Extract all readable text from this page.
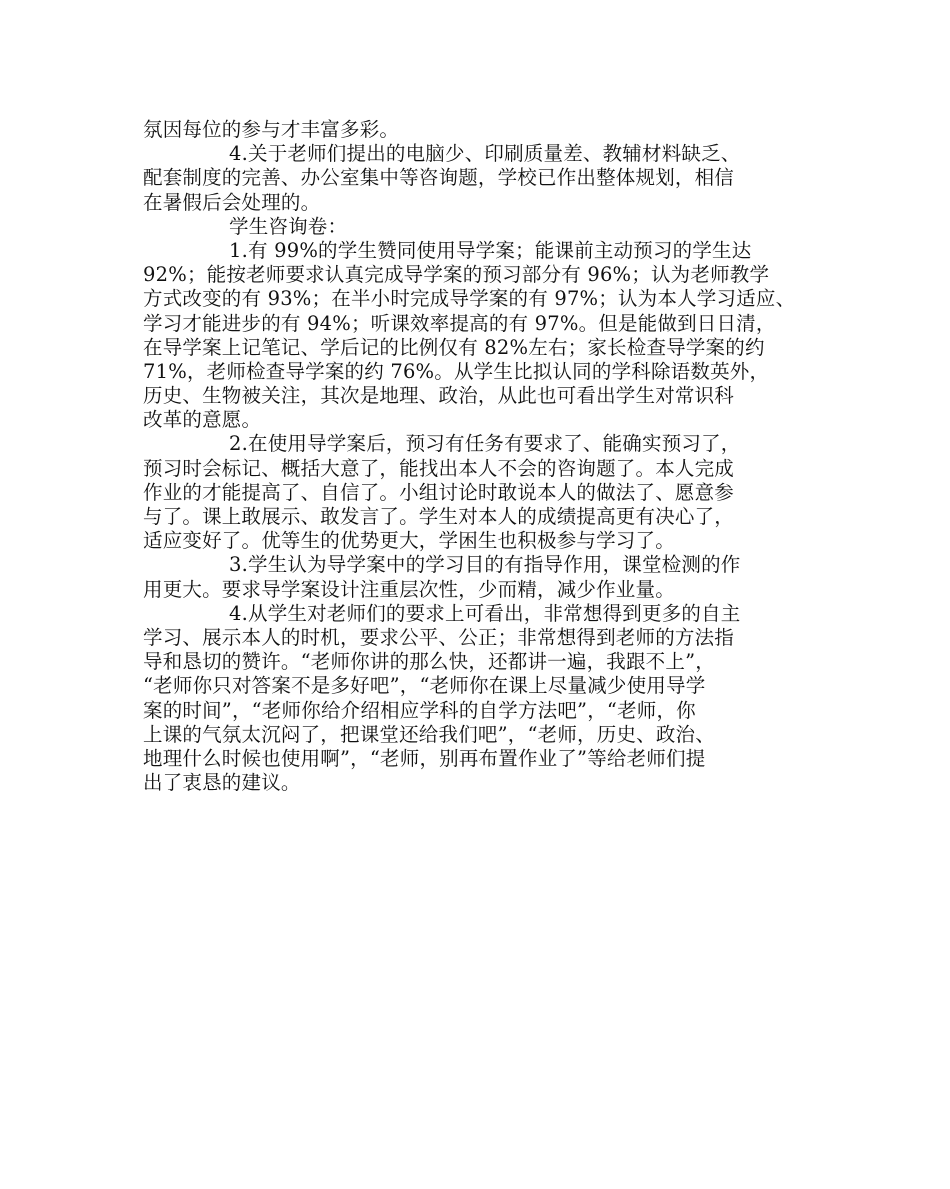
氛因每位的参与才丰富多彩。
4.关于老师们提出的电脑少、印刷质量差、教辅材料缺乏、
配套制度的完善、办公室集中等咨询题，学校已作出整体规划，相信
在暑假后会处理的。
学生咨询卷：
1.有 99%的学生赞同使用导学案；能课前主动预习的学生达
92%；能按老师要求认真完成导学案的预习部分有 96%；认为老师教学
方式改变的有 93%；在半小时完成导学案的有 97%；认为本人学习适应、
学习才能进步的有 94%；听课效率提高的有 97%。但是能做到日日清，
在导学案上记笔记、学后记的比例仅有 82%左右；家长检查导学案的约
71%，老师检查导学案的约 76%。从学生比拟认同的学科除语数英外，
历史、生物被关注，其次是地理、政治，从此也可看出学生对常识科
改革的意愿。
2.在使用导学案后，预习有任务有要求了、能确实预习了，
预习时会标记、概括大意了，能找出本人不会的咨询题了。本人完成
作业的才能提高了、自信了。小组讨论时敢说本人的做法了、愿意参
与了。课上敢展示、敢发言了。学生对本人的成绩提高更有决心了，
适应变好了。优等生的优势更大，学困生也积极参与学习了。
3.学生认为导学案中的学习目的有指导作用，课堂检测的作
用更大。要求导学案设计注重层次性，少而精，减少作业量。
4.从学生对老师们的要求上可看出，非常想得到更多的自主
学习、展示本人的时机，要求公平、公正；非常想得到老师的方法指
导和恳切的赞许。“老师你讲的那么快，还都讲一遍，我跟不上”，
“老师你只对答案不是多好吧”，“老师你在课上尽量减少使用导学
案的时间”，“老师你给介绍相应学科的自学方法吧”，“老师，你
上课的气氛太沉闷了，把课堂还给我们吧”，“老师，历史、政治、
地理什么时候也使用啊”，“老师，别再布置作业了”等给老师们提
出了衷恳的建议。
